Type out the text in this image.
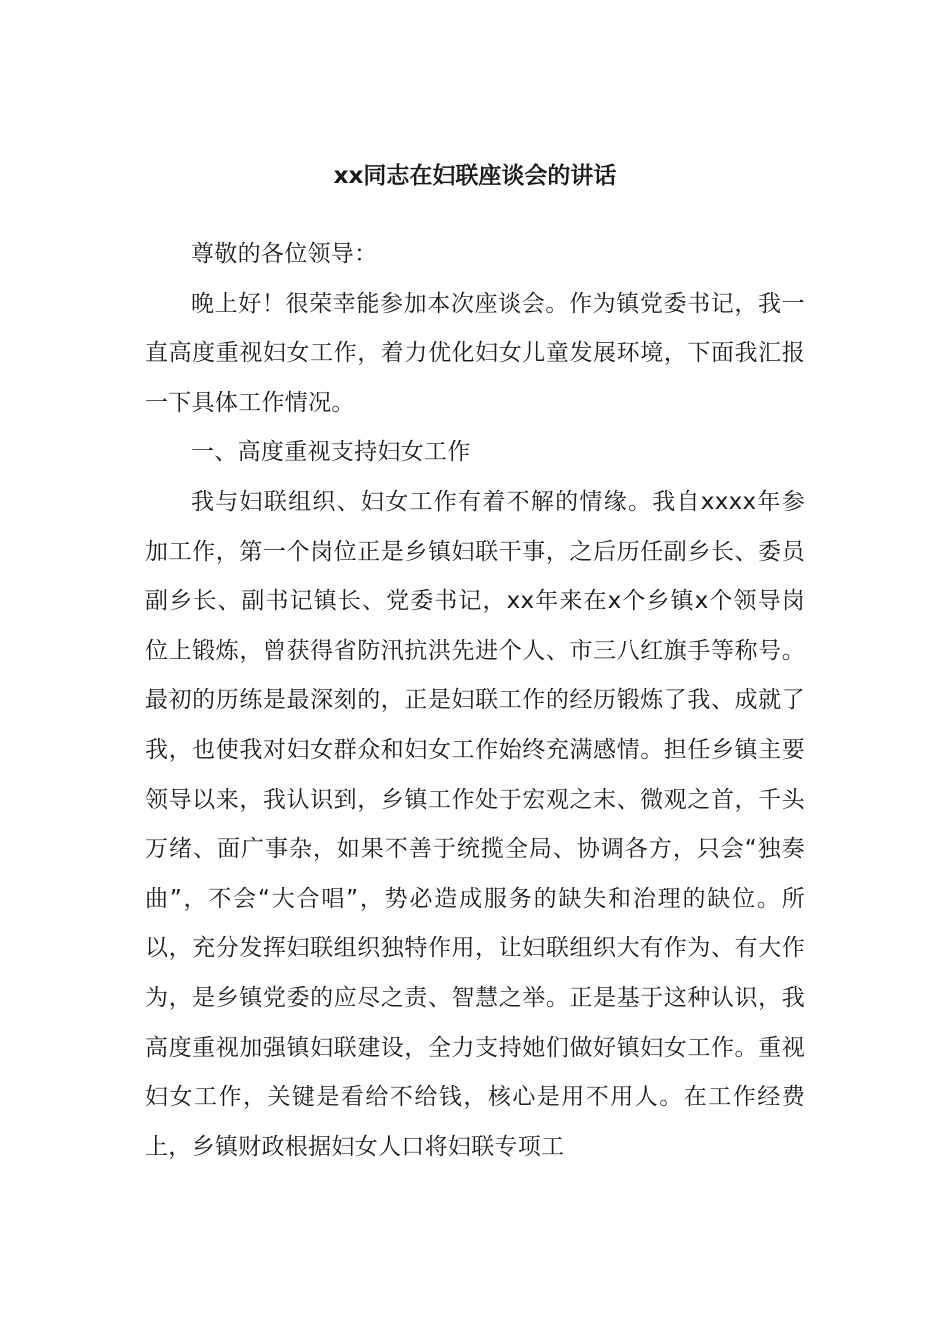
xx同志在妇联座谈会的讲话

尊敬的各位领导：

晚上好！很荣幸能参加本次座谈会。作为镇党委书记，我一直高度重视妇女工作，着力优化妇女儿童发展环境，下面我汇报一下具体工作情况。

一、高度重视支持妇女工作

我与妇联组织、妇女工作有着不解的情缘。我自xxxx年参加工作，第一个岗位正是乡镇妇联干事，之后历任副乡长、委员副乡长、副书记镇长、党委书记，xx年来在x个乡镇x个领导岗位上锻炼，曾获得省防汛抗洪先进个人、市三八红旗手等称号。最初的历练是最深刻的，正是妇联工作的经历锻炼了我、成就了我，也使我对妇女群众和妇女工作始终充满感情。担任乡镇主要领导以来，我认识到，乡镇工作处于宏观之末、微观之首，千头万绪、面广事杂，如果不善于统揽全局、协调各方，只会“独奏曲”，不会“大合唱”，势必造成服务的缺失和治理的缺位。所以，充分发挥妇联组织独特作用，让妇联组织大有作为、有大作为，是乡镇党委的应尽之责、智慧之举。正是基于这种认识，我高度重视加强镇妇联建设，全力支持她们做好镇妇女工作。重视妇女工作，关键是看给不给钱，核心是用不用人。在工作经费上，乡镇财政根据妇女人口将妇联专项工
